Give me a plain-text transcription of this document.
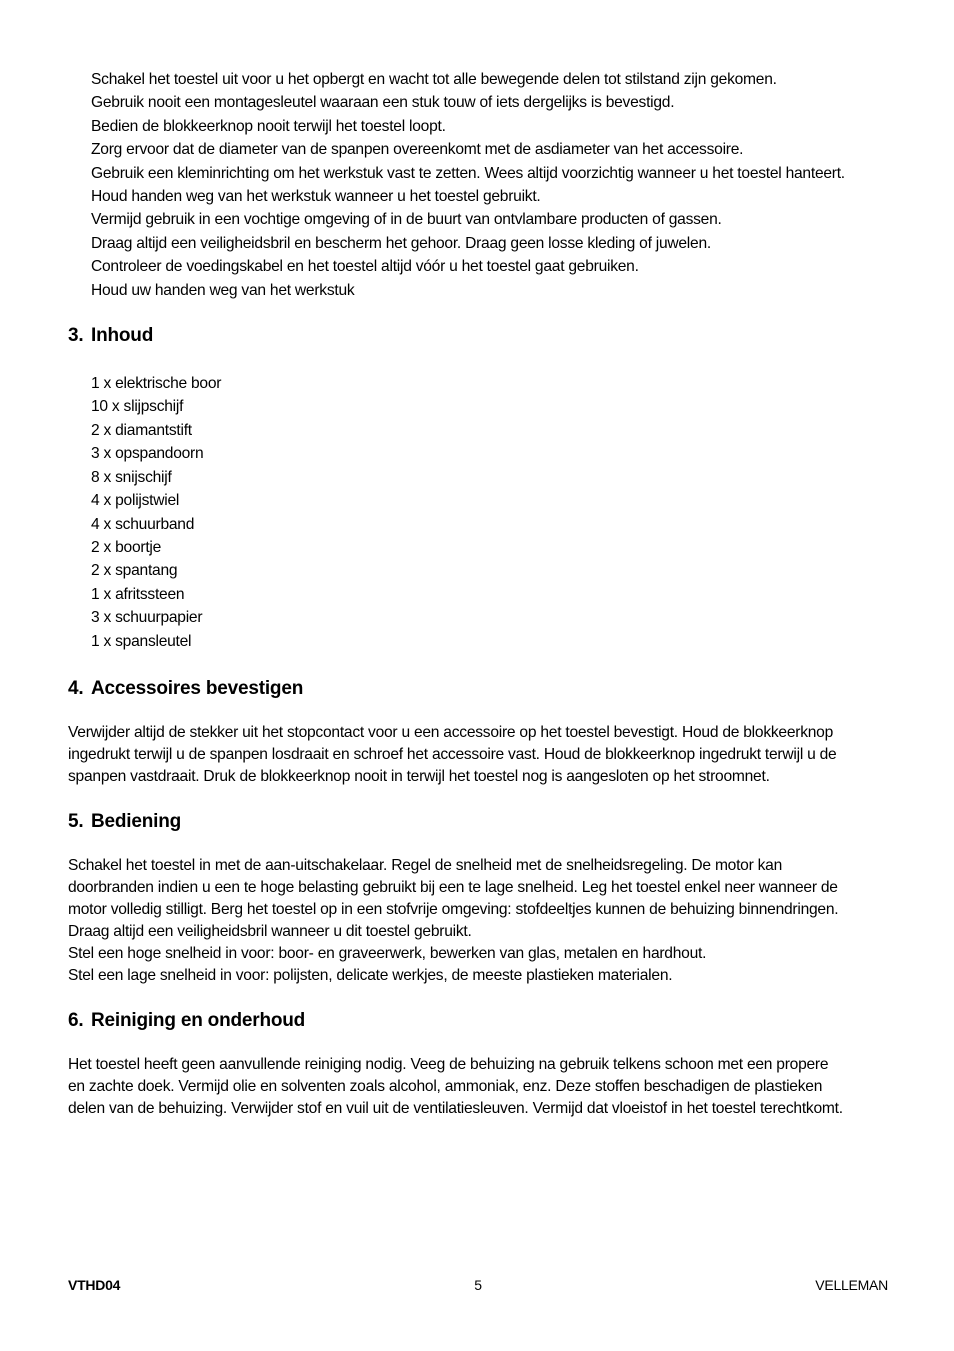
Schakel het toestel uit voor u het opbergt en wacht tot alle bewegende delen tot stilstand zijn gekomen.
Gebruik nooit een montagesleutel waaraan een stuk touw of iets dergelijks is bevestigd.
Bedien de blokkeerknop nooit terwijl het toestel loopt.
Zorg ervoor dat de diameter van de spanpen overeenkomt met de asdiameter van het accessoire.
Gebruik een kleminrichting om het werkstuk vast te zetten. Wees altijd voorzichtig wanneer u het toestel hanteert.
Houd handen weg van het werkstuk wanneer u het toestel gebruikt.
Vermijd gebruik in een vochtige omgeving of in de buurt van ontvlambare producten of gassen.
Draag altijd een veiligheidsbril en bescherm het gehoor. Draag geen losse kleding of juwelen.
Controleer de voedingskabel en het toestel altijd vóór u het toestel gaat gebruiken.
Houd uw handen weg van het werkstuk
3. Inhoud
1 x elektrische boor
10 x slijpschijf
2 x diamantstift
3 x opspandoorn
8 x snijschijf
4 x polijstwiel
4 x schuurband
2 x boortje
2 x spantang
1 x afritssteen
3 x schuurpapier
1 x spansleutel
4. Accessoires bevestigen
Verwijder altijd de stekker uit het stopcontact voor u een accessoire op het toestel bevestigt. Houd de blokkeerknop
ingedrukt terwijl u de spanpen losdraait en schroef het accessoire vast. Houd de blokkeerknop ingedrukt terwijl u de
spanpen vastdraait. Druk de blokkeerknop nooit in terwijl het toestel nog is aangesloten op het stroomnet.
5. Bediening
Schakel het toestel in met de aan-uitschakelaar. Regel de snelheid met de snelheidsregeling. De motor kan
doorbranden indien u een te hoge belasting gebruikt bij een te lage snelheid. Leg het toestel enkel neer wanneer de
motor volledig stilligt. Berg het toestel op in een stofvrije omgeving: stofdeeltjes kunnen de behuizing binnendringen.
Draag altijd een veiligheidsbril wanneer u dit toestel gebruikt.
Stel een hoge snelheid in voor: boor- en graveerwerk, bewerken van glas, metalen en hardhout.
Stel een lage snelheid in voor: polijsten, delicate werkjes, de meeste plastieken materialen.
6. Reiniging en onderhoud
Het toestel heeft geen aanvullende reiniging nodig. Veeg de behuizing na gebruik telkens schoon met een propere
en zachte doek. Vermijd olie en solventen zoals alcohol, ammoniak, enz. Deze stoffen beschadigen de plastieken
delen van de behuizing. Verwijder stof en vuil uit de ventilatiesleuven. Vermijd dat vloeistof in het toestel terechtkomt.
VTHD04	5	VELLEMAN
